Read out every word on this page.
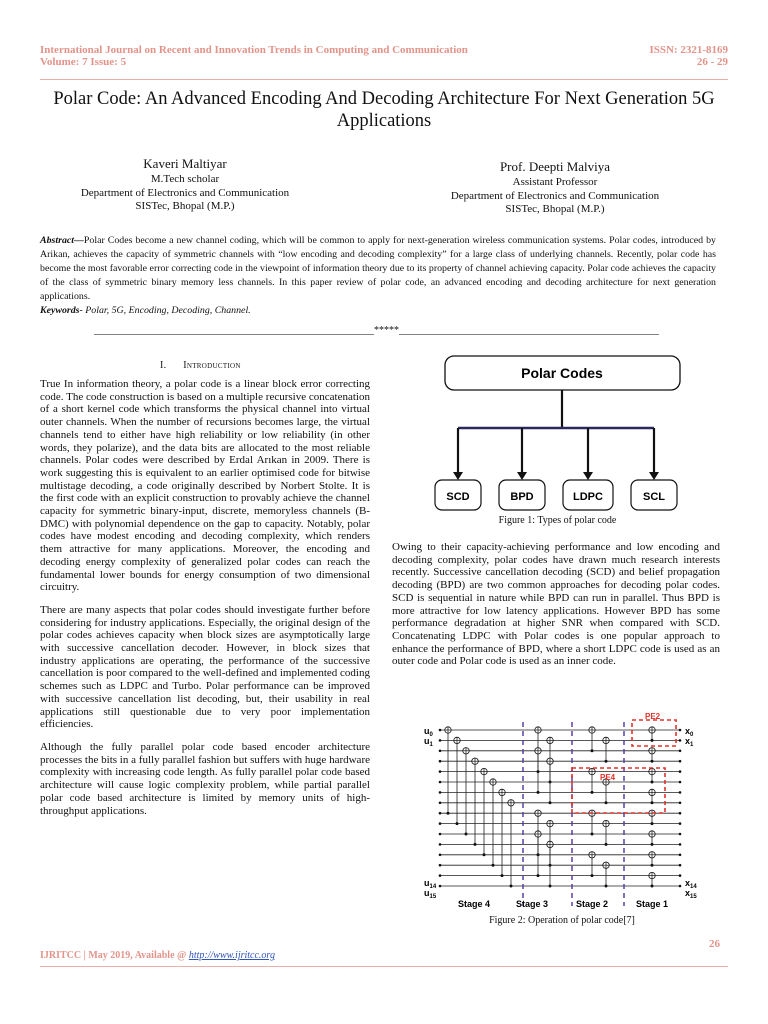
International Journal on Recent and Innovation Trends in Computing and Communication
Volume: 7 Issue: 5
ISSN: 2321-8169
26 - 29
Polar Code: An Advanced Encoding And Decoding Architecture For Next Generation 5G Applications
Kaveri Maltiyar
M.Tech scholar
Department of Electronics and Communication
SISTec, Bhopal (M.P.)
Prof. Deepti Malviya
Assistant Professor
Department of Electronics and Communication
SISTec, Bhopal (M.P.)
Abstract—Polar Codes become a new channel coding, which will be common to apply for next-generation wireless communication systems. Polar codes, introduced by Arikan, achieves the capacity of symmetric channels with “low encoding and decoding complexity” for a large class of underlying channels. Recently, polar code has become the most favorable error correcting code in the viewpoint of information theory due to its property of channel achieving capacity. Polar code achieves the capacity of the class of symmetric binary memory less channels. In this paper review of polar code, an advanced encoding and decoding architecture for next generation applications.
Keywords- Polar, 5G, Encoding, Decoding, Channel.
________________________________________________________*****____________________________________________________
I. Introduction

True In information theory, a polar code is a linear block error correcting code. The code construction is based on a multiple recursive concatenation of a short kernel code which transforms the physical channel into virtual outer channels. When the number of recursions becomes large, the virtual channels tend to either have high reliability or low reliability (in other words, they polarize), and the data bits are allocated to the most reliable channels. Polar codes were described by Erdal Arıkan in 2009. There is work suggesting this is equivalent to an earlier optimised code for bitwise multistage decoding, a code originally described by Norbert Stolte. It is the first code with an explicit construction to provably achieve the channel capacity for symmetric binary-input, discrete, memoryless channels (B-DMC) with polynomial dependence on the gap to capacity. Notably, polar codes have modest encoding and decoding complexity, which renders them attractive for many applications. Moreover, the encoding and decoding energy complexity of generalized polar codes can reach the fundamental lower bounds for energy consumption of two dimensional circuitry.

There are many aspects that polar codes should investigate further before considering for industry applications. Especially, the original design of the polar codes achieves capacity when block sizes are asymptotically large with successive cancellation decoder. However, in block sizes that industry applications are operating, the performance of the successive cancellation is poor compared to the well-defined and implemented coding schemes such as LDPC and Turbo. Polar performance can be improved with successive cancellation list decoding, but, their usability in real applications still questionable due to very poor implementation efficiencies.

Although the fully parallel polar code based encoder architecture processes the bits in a fully parallel fashion but suffers with huge hardware complexity with increasing code length. As fully parallel polar code based architecture will cause logic complexity problem, while partial parallel polar code based architecture is limited by memory units of high-throughput applications.

Polar Codes
SCD	BPD	LDPC	SCL
Figure 1: Types of polar code

Owing to their capacity-achieving performance and low encoding and decoding complexity, polar codes have drawn much research interests recently. Successive cancellation decoding (SCD) and belief propagation decoding (BPD) are two common approaches for decoding polar codes. SCD is sequential in nature while BPD can run in parallel. Thus BPD is more attractive for low latency applications. However BPD has some performance degradation at higher SNR when compared with SCD. Concatenating LDPC with Polar codes is one popular approach to enhance the performance of BPD, where a short LDPC code is used as an outer code and Polar code is used as an inner code.

PE2
PE4
$u_0$
$u_1$
$u_{14}$
$u_{15}$
$x_0$
$x_1$
$x_{14}$
$x_{15}$
Stage 4	Stage 3	Stage 2	Stage 1
Figure 2: Operation of polar code[7]
26
IJRITCC | May 2019, Available @ http://www.ijritcc.org
